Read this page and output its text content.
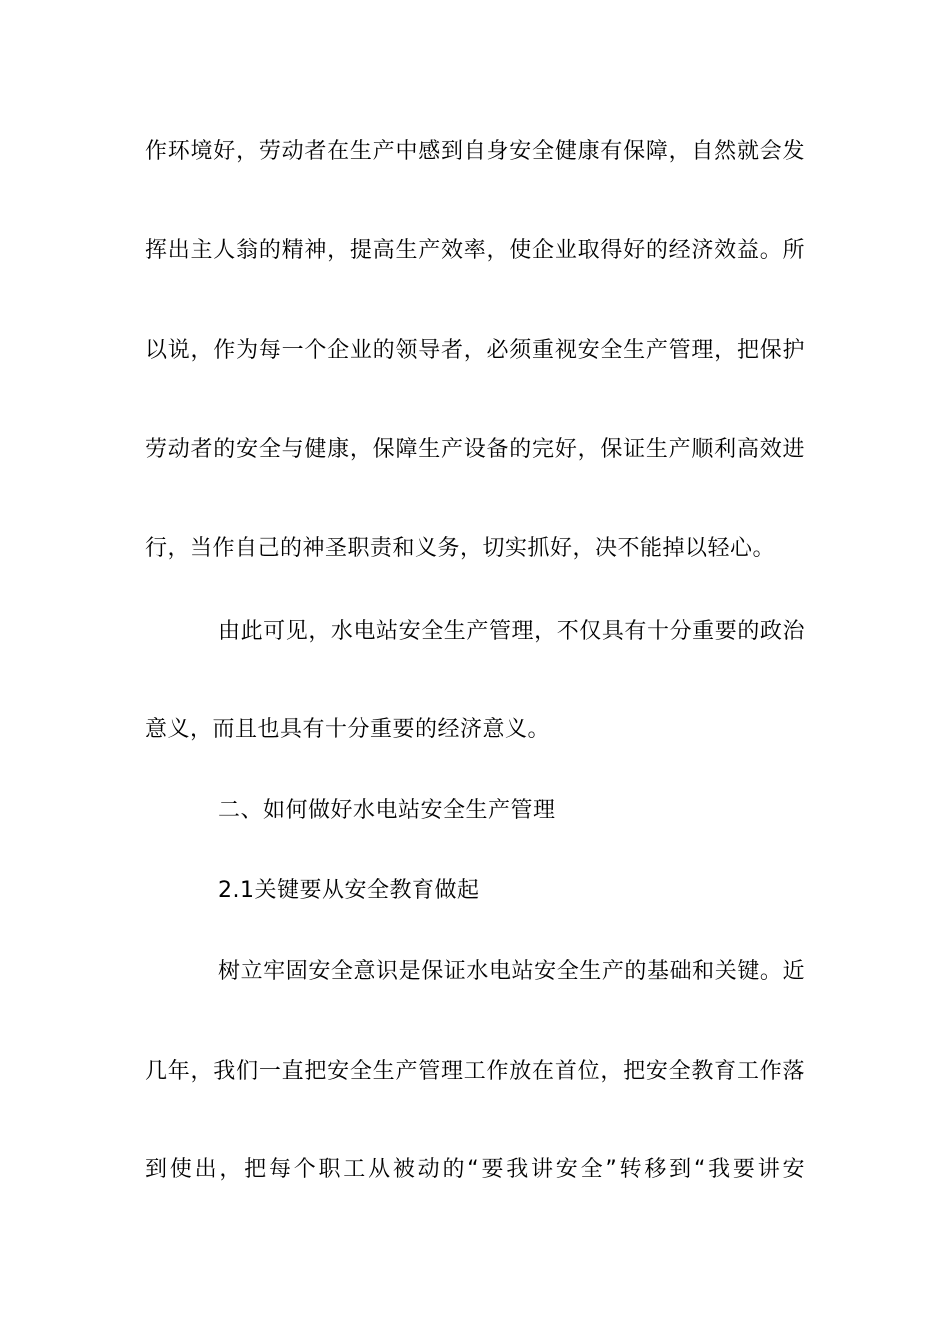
作环境好，劳动者在生产中感到自身安全健康有保障，自然就会发
挥出主人翁的精神，提高生产效率，使企业取得好的经济效益。所
以说，作为每一个企业的领导者，必须重视安全生产管理，把保护
劳动者的安全与健康，保障生产设备的完好，保证生产顺利高效进
行，当作自己的神圣职责和义务，切实抓好，决不能掉以轻心。
由此可见，水电站安全生产管理，不仅具有十分重要的政治
意义，而且也具有十分重要的经济意义。
二、如何做好水电站安全生产管理
2.1关键要从安全教育做起
树立牢固安全意识是保证水电站安全生产的基础和关键。近
几年，我们一直把安全生产管理工作放在首位，把安全教育工作落
到使出，把每个职工从被动的“要我讲安全”转移到“我要讲安
